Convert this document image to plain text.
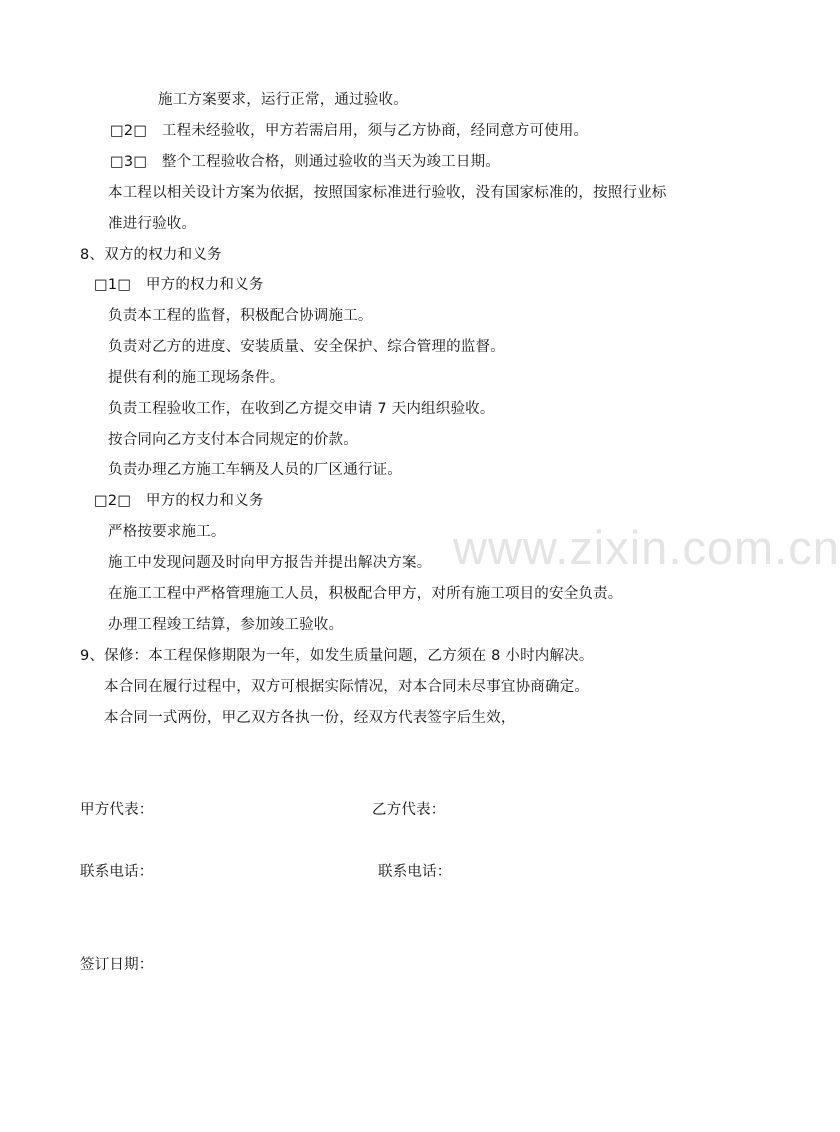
施工方案要求，运行正常，通过验收。
□2□　工程未经验收，甲方若需启用，须与乙方协商，经同意方可使用。
□3□　整个工程验收合格，则通过验收的当天为竣工日期。
本工程以相关设计方案为依据，按照国家标准进行验收，没有国家标准的，按照行业标
准进行验收。
8、双方的权力和义务
□1□　甲方的权力和义务
负责本工程的监督，积极配合协调施工。
负责对乙方的进度、安装质量、安全保护、综合管理的监督。
提供有利的施工现场条件。
负责工程验收工作，在收到乙方提交申请 7 天内组织验收。
按合同向乙方支付本合同规定的价款。
负责办理乙方施工车辆及人员的厂区通行证。
□2□　甲方的权力和义务
严格按要求施工。
施工中发现问题及时向甲方报告并提出解决方案。
在施工工程中严格管理施工人员，积极配合甲方，对所有施工项目的安全负责。
办理工程竣工结算，参加竣工验收。
9、保修：本工程保修期限为一年，如发生质量问题，乙方须在 8 小时内解决。
本合同在履行过程中，双方可根据实际情况，对本合同未尽事宜协商确定。
本合同一式两份，甲乙双方各执一份，经双方代表签字后生效，
甲方代表：	乙方代表：
联系电话：	联系电话：
签订日期：
www.zixin.com.cn
